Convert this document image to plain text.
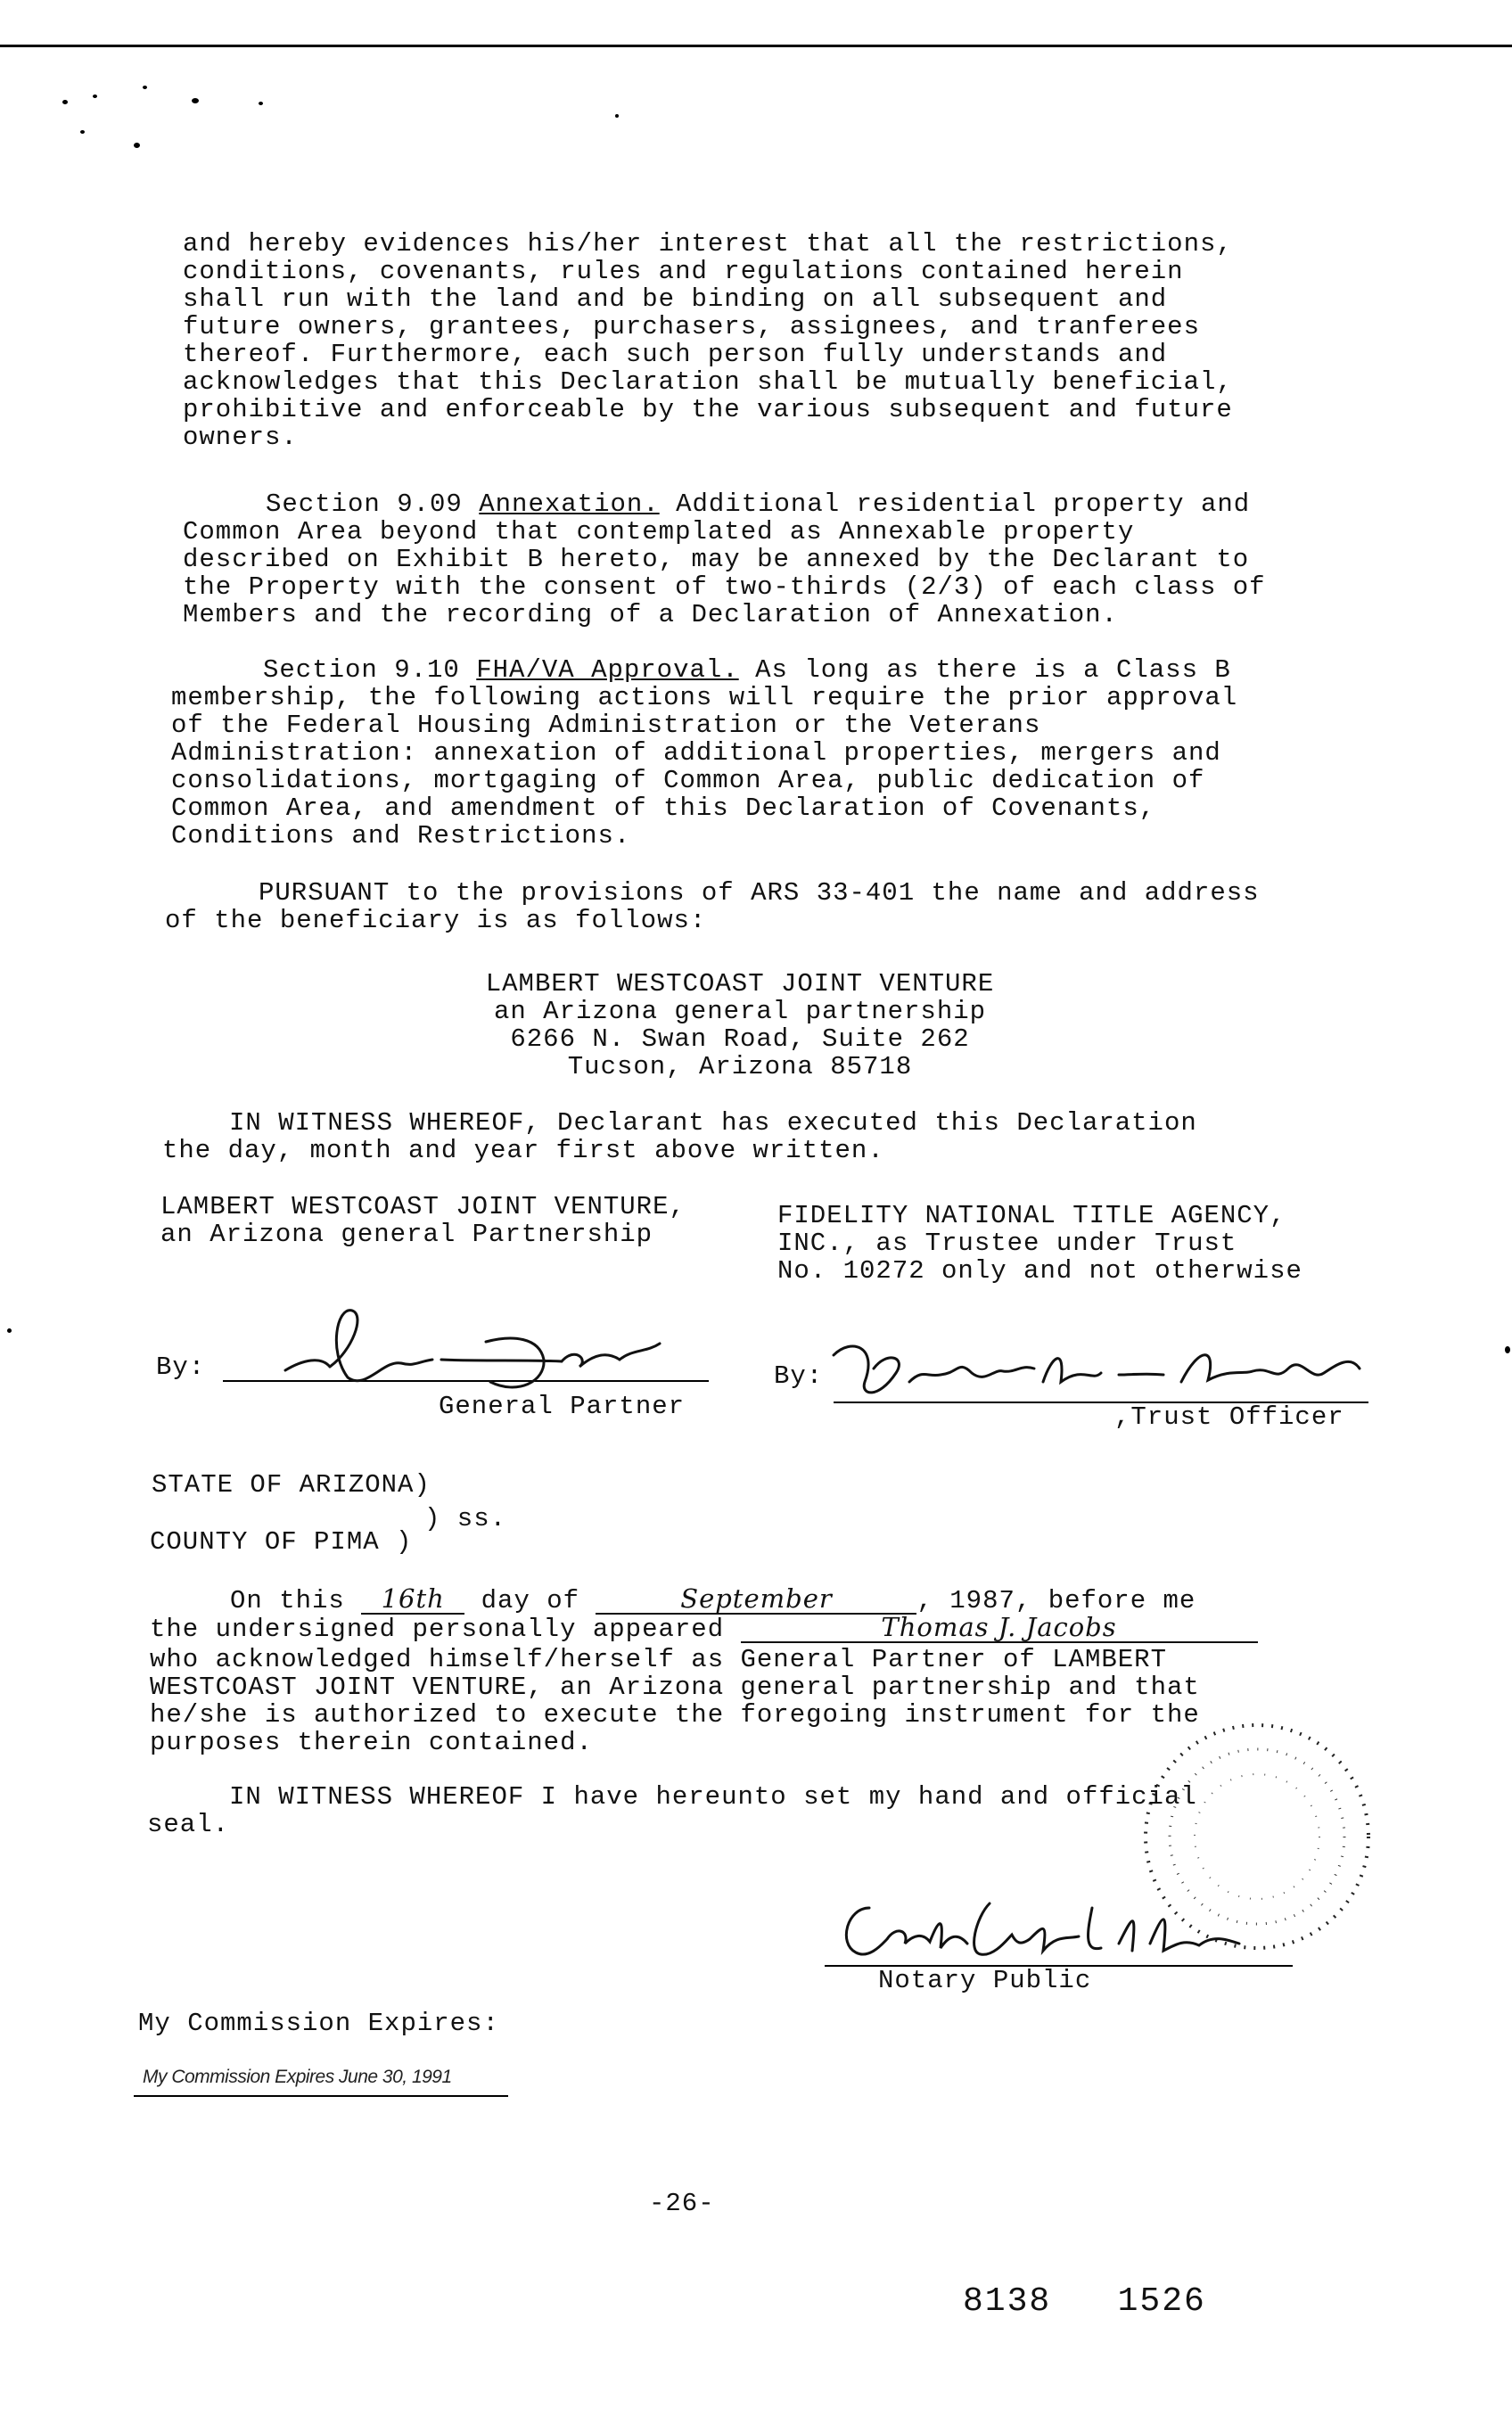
and hereby evidences his/her interest that all the restrictions,
conditions, covenants, rules and regulations contained herein
shall run with the land and be binding on all subsequent and
future owners, grantees, purchasers, assignees, and tranferees
thereof. Furthermore, each such person fully understands and
acknowledges that this Declaration shall be mutually beneficial,
prohibitive and enforceable by the various subsequent and future
owners.
Section 9.09 Annexation. Additional residential property and
Common Area beyond that contemplated as Annexable property
described on Exhibit B hereto, may be annexed by the Declarant to
the Property with the consent of two-thirds (2/3) of each class of
Members and the recording of a Declaration of Annexation.
Section 9.10 FHA/VA Approval. As long as there is a Class B
membership, the following actions will require the prior approval
of the Federal Housing Administration or the Veterans
Administration: annexation of additional properties, mergers and
consolidations, mortgaging of Common Area, public dedication of
Common Area, and amendment of this Declaration of Covenants,
Conditions and Restrictions.
PURSUANT to the provisions of ARS 33-401 the name and address
of the beneficiary is as follows:
LAMBERT WESTCOAST JOINT VENTURE
an Arizona general partnership
6266 N. Swan Road, Suite 262
Tucson, Arizona 85718
IN WITNESS WHEREOF, Declarant has executed this Declaration
the day, month and year first above written.
LAMBERT WESTCOAST JOINT VENTURE,
an Arizona general Partnership
FIDELITY NATIONAL TITLE AGENCY,
INC., as Trustee under Trust
No. 10272 only and not otherwise
By:
General Partner
By:
,Trust Officer
STATE OF ARIZONA)
) ss.
COUNTY OF PIMA )
On this 16th day of	September	, 1987, before me
the undersigned personally appeared	Thomas J. Jacobs
who acknowledged himself/herself as General Partner of LAMBERT
WESTCOAST JOINT VENTURE, an Arizona general partnership and that
he/she is authorized to execute the foregoing instrument for the
purposes therein contained.
IN WITNESS WHEREOF I have hereunto set my hand and official
seal.
Notary Public
My Commission Expires:
My Commission Expires June 30, 1991
-26-
8138   1526
